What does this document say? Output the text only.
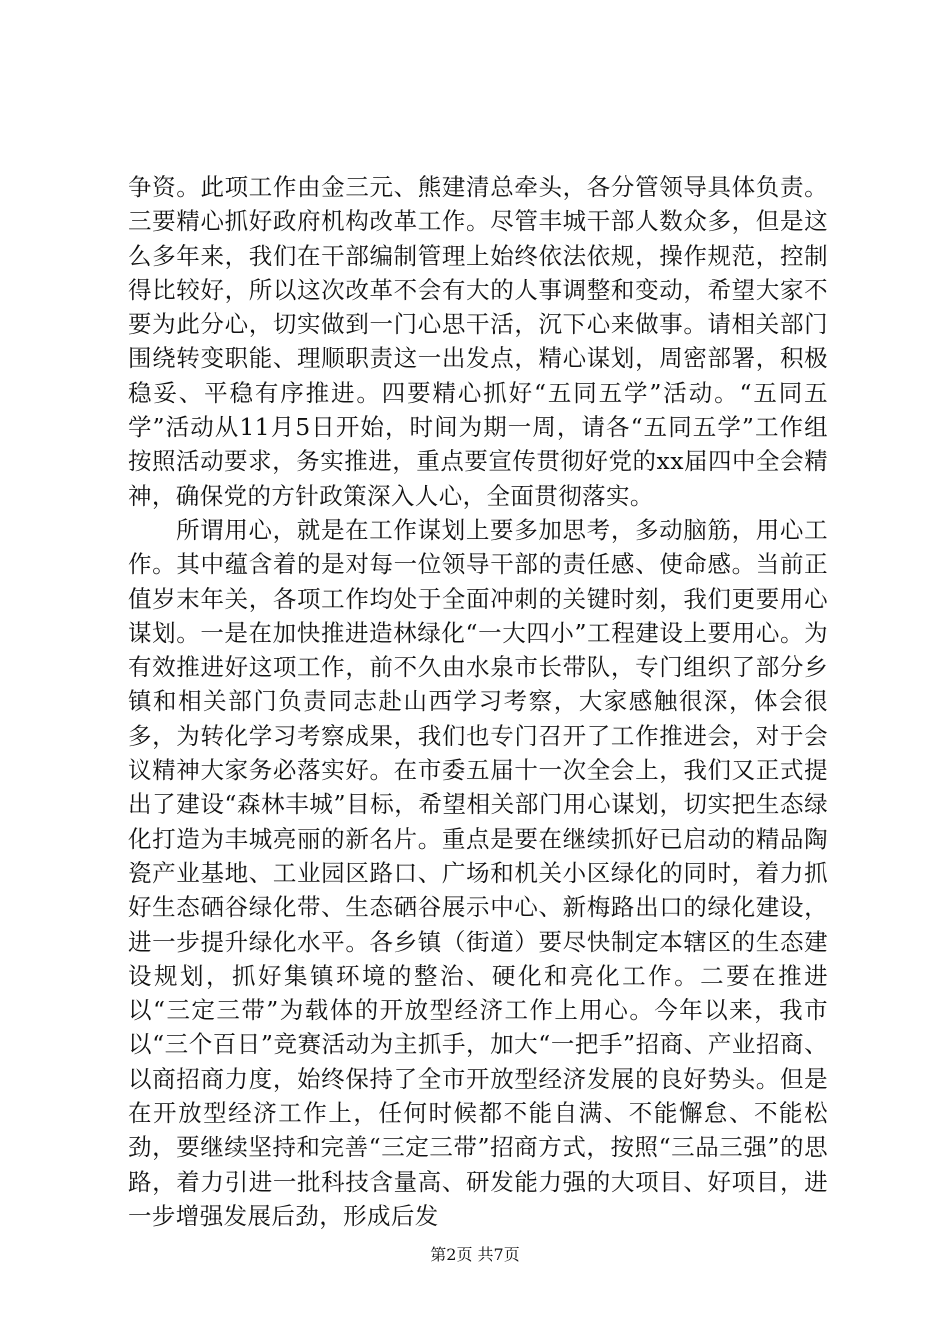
争资。此项工作由金三元、熊建清总牵头，各分管领导具体负责。三要精心抓好政府机构改革工作。尽管丰城干部人数众多，但是这么多年来，我们在干部编制管理上始终依法依规，操作规范，控制得比较好，所以这次改革不会有大的人事调整和变动，希望大家不要为此分心，切实做到一门心思干活，沉下心来做事。请相关部门围绕转变职能、理顺职责这一出发点，精心谋划，周密部署，积极稳妥、平稳有序推进。四要精心抓好“五同五学”活动。“五同五学”活动从11月5日开始，时间为期一周，请各“五同五学”工作组按照活动要求，务实推进，重点要宣传贯彻好党的xx届四中全会精神，确保党的方针政策深入人心，全面贯彻落实。

所谓用心，就是在工作谋划上要多加思考，多动脑筋，用心工作。其中蕴含着的是对每一位领导干部的责任感、使命感。当前正值岁末年关，各项工作均处于全面冲刺的关键时刻，我们更要用心谋划。一是在加快推进造林绿化“一大四小”工程建设上要用心。为有效推进好这项工作，前不久由水泉市长带队，专门组织了部分乡镇和相关部门负责同志赴山西学习考察，大家感触很深，体会很多，为转化学习考察成果，我们也专门召开了工作推进会，对于会议精神大家务必落实好。在市委五届十一次全会上，我们又正式提出了建设“森林丰城”目标，希望相关部门用心谋划，切实把生态绿化打造为丰城亮丽的新名片。重点是要在继续抓好已启动的精品陶瓷产业基地、工业园区路口、广场和机关小区绿化的同时，着力抓好生态硒谷绿化带、生态硒谷展示中心、新梅路出口的绿化建设，进一步提升绿化水平。各乡镇（街道）要尽快制定本辖区的生态建设规划，抓好集镇环境的整治、硬化和亮化工作。二要在推进以“三定三带”为载体的开放型经济工作上用心。今年以来，我市以“三个百日”竞赛活动为主抓手，加大“一把手”招商、产业招商、以商招商力度，始终保持了全市开放型经济发展的良好势头。但是在开放型经济工作上，任何时候都不能自满、不能懈怠、不能松劲，要继续坚持和完善“三定三带”招商方式，按照“三品三强”的思路，着力引进一批科技含量高、研发能力强的大项目、好项目，进一步增强发展后劲，形成后发

第2页 共7页
